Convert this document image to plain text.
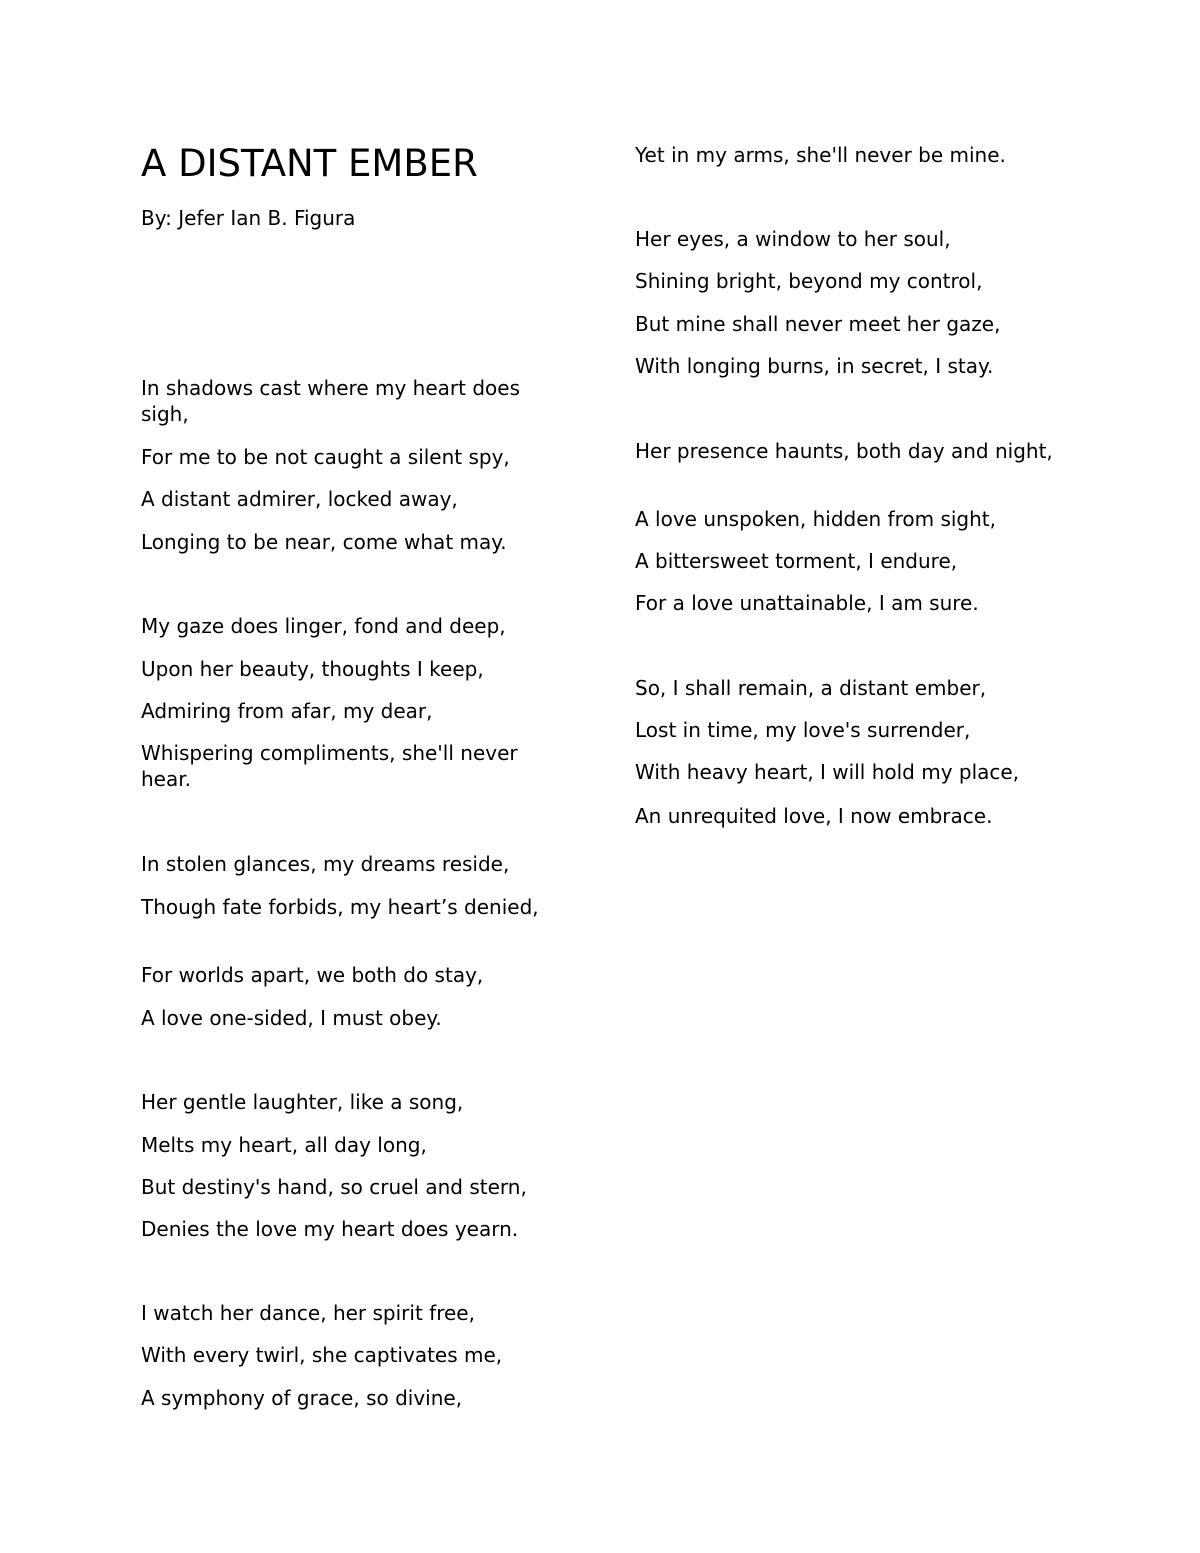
A DISTANT EMBER

By: Jefer Ian B. Figura

In shadows cast where my heart does sigh,

For me to be not caught a silent spy,

A distant admirer, locked away,

Longing to be near, come what may.

My gaze does linger, fond and deep,

Upon her beauty, thoughts I keep,

Admiring from afar, my dear,

Whispering compliments, she'll never hear.

In stolen glances, my dreams reside,

Though fate forbids, my heart’s denied,

For worlds apart, we both do stay,

A love one-sided, I must obey.

Her gentle laughter, like a song,

Melts my heart, all day long,

But destiny's hand, so cruel and stern,

Denies the love my heart does yearn.

I watch her dance, her spirit free,

With every twirl, she captivates me,

A symphony of grace, so divine,

Yet in my arms, she'll never be mine.

Her eyes, a window to her soul,

Shining bright, beyond my control,

But mine shall never meet her gaze,

With longing burns, in secret, I stay.

Her presence haunts, both day and night,

A love unspoken, hidden from sight,

A bittersweet torment, I endure,

For a love unattainable, I am sure.

So, I shall remain, a distant ember,

Lost in time, my love's surrender,

With heavy heart, I will hold my place,

An unrequited love, I now embrace.
